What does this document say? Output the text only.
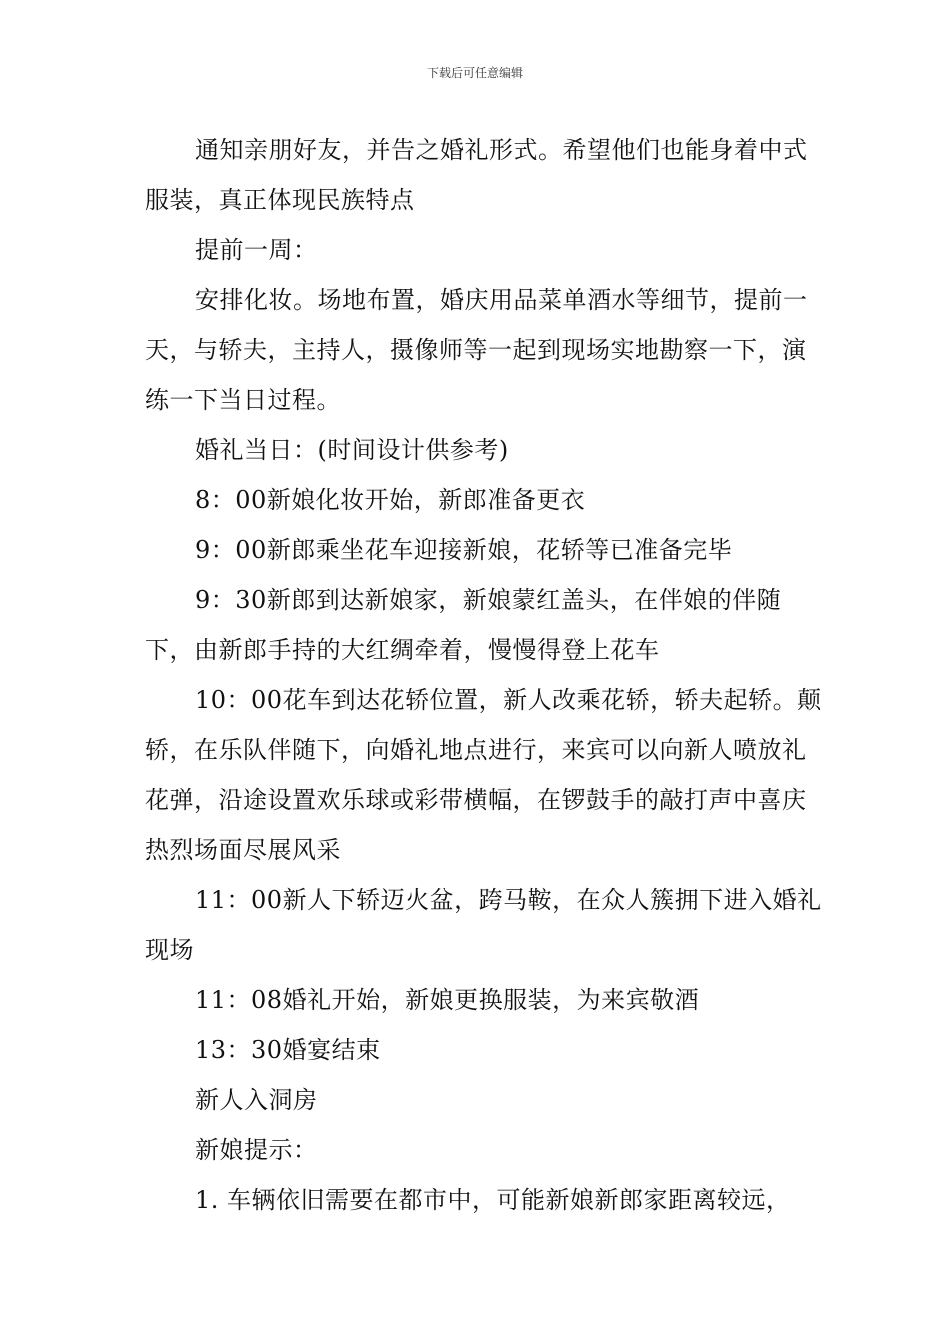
下载后可任意编辑

通知亲朋好友，并告之婚礼形式。希望他们也能身着中式服装，真正体现民族特点

提前一周：

安排化妆。场地布置，婚庆用品菜单酒水等细节，提前一天，与轿夫，主持人，摄像师等一起到现场实地勘察一下，演练一下当日过程。

婚礼当日：(时间设计供参考)

8：00新娘化妆开始，新郎准备更衣

9：00新郎乘坐花车迎接新娘，花轿等已准备完毕

9：30新郎到达新娘家，新娘蒙红盖头，在伴娘的伴随下，由新郎手持的大红绸牵着，慢慢得登上花车

10：00花车到达花轿位置，新人改乘花轿，轿夫起轿。颠轿，在乐队伴随下，向婚礼地点进行，来宾可以向新人喷放礼花弹，沿途设置欢乐球或彩带横幅，在锣鼓手的敲打声中喜庆热烈场面尽展风采

11：00新人下轿迈火盆，跨马鞍，在众人簇拥下进入婚礼现场

11：08婚礼开始，新娘更换服装，为来宾敬酒

13：30婚宴结束

新人入洞房

新娘提示：

1. 车辆依旧需要在都市中，可能新娘新郎家距离较远，
